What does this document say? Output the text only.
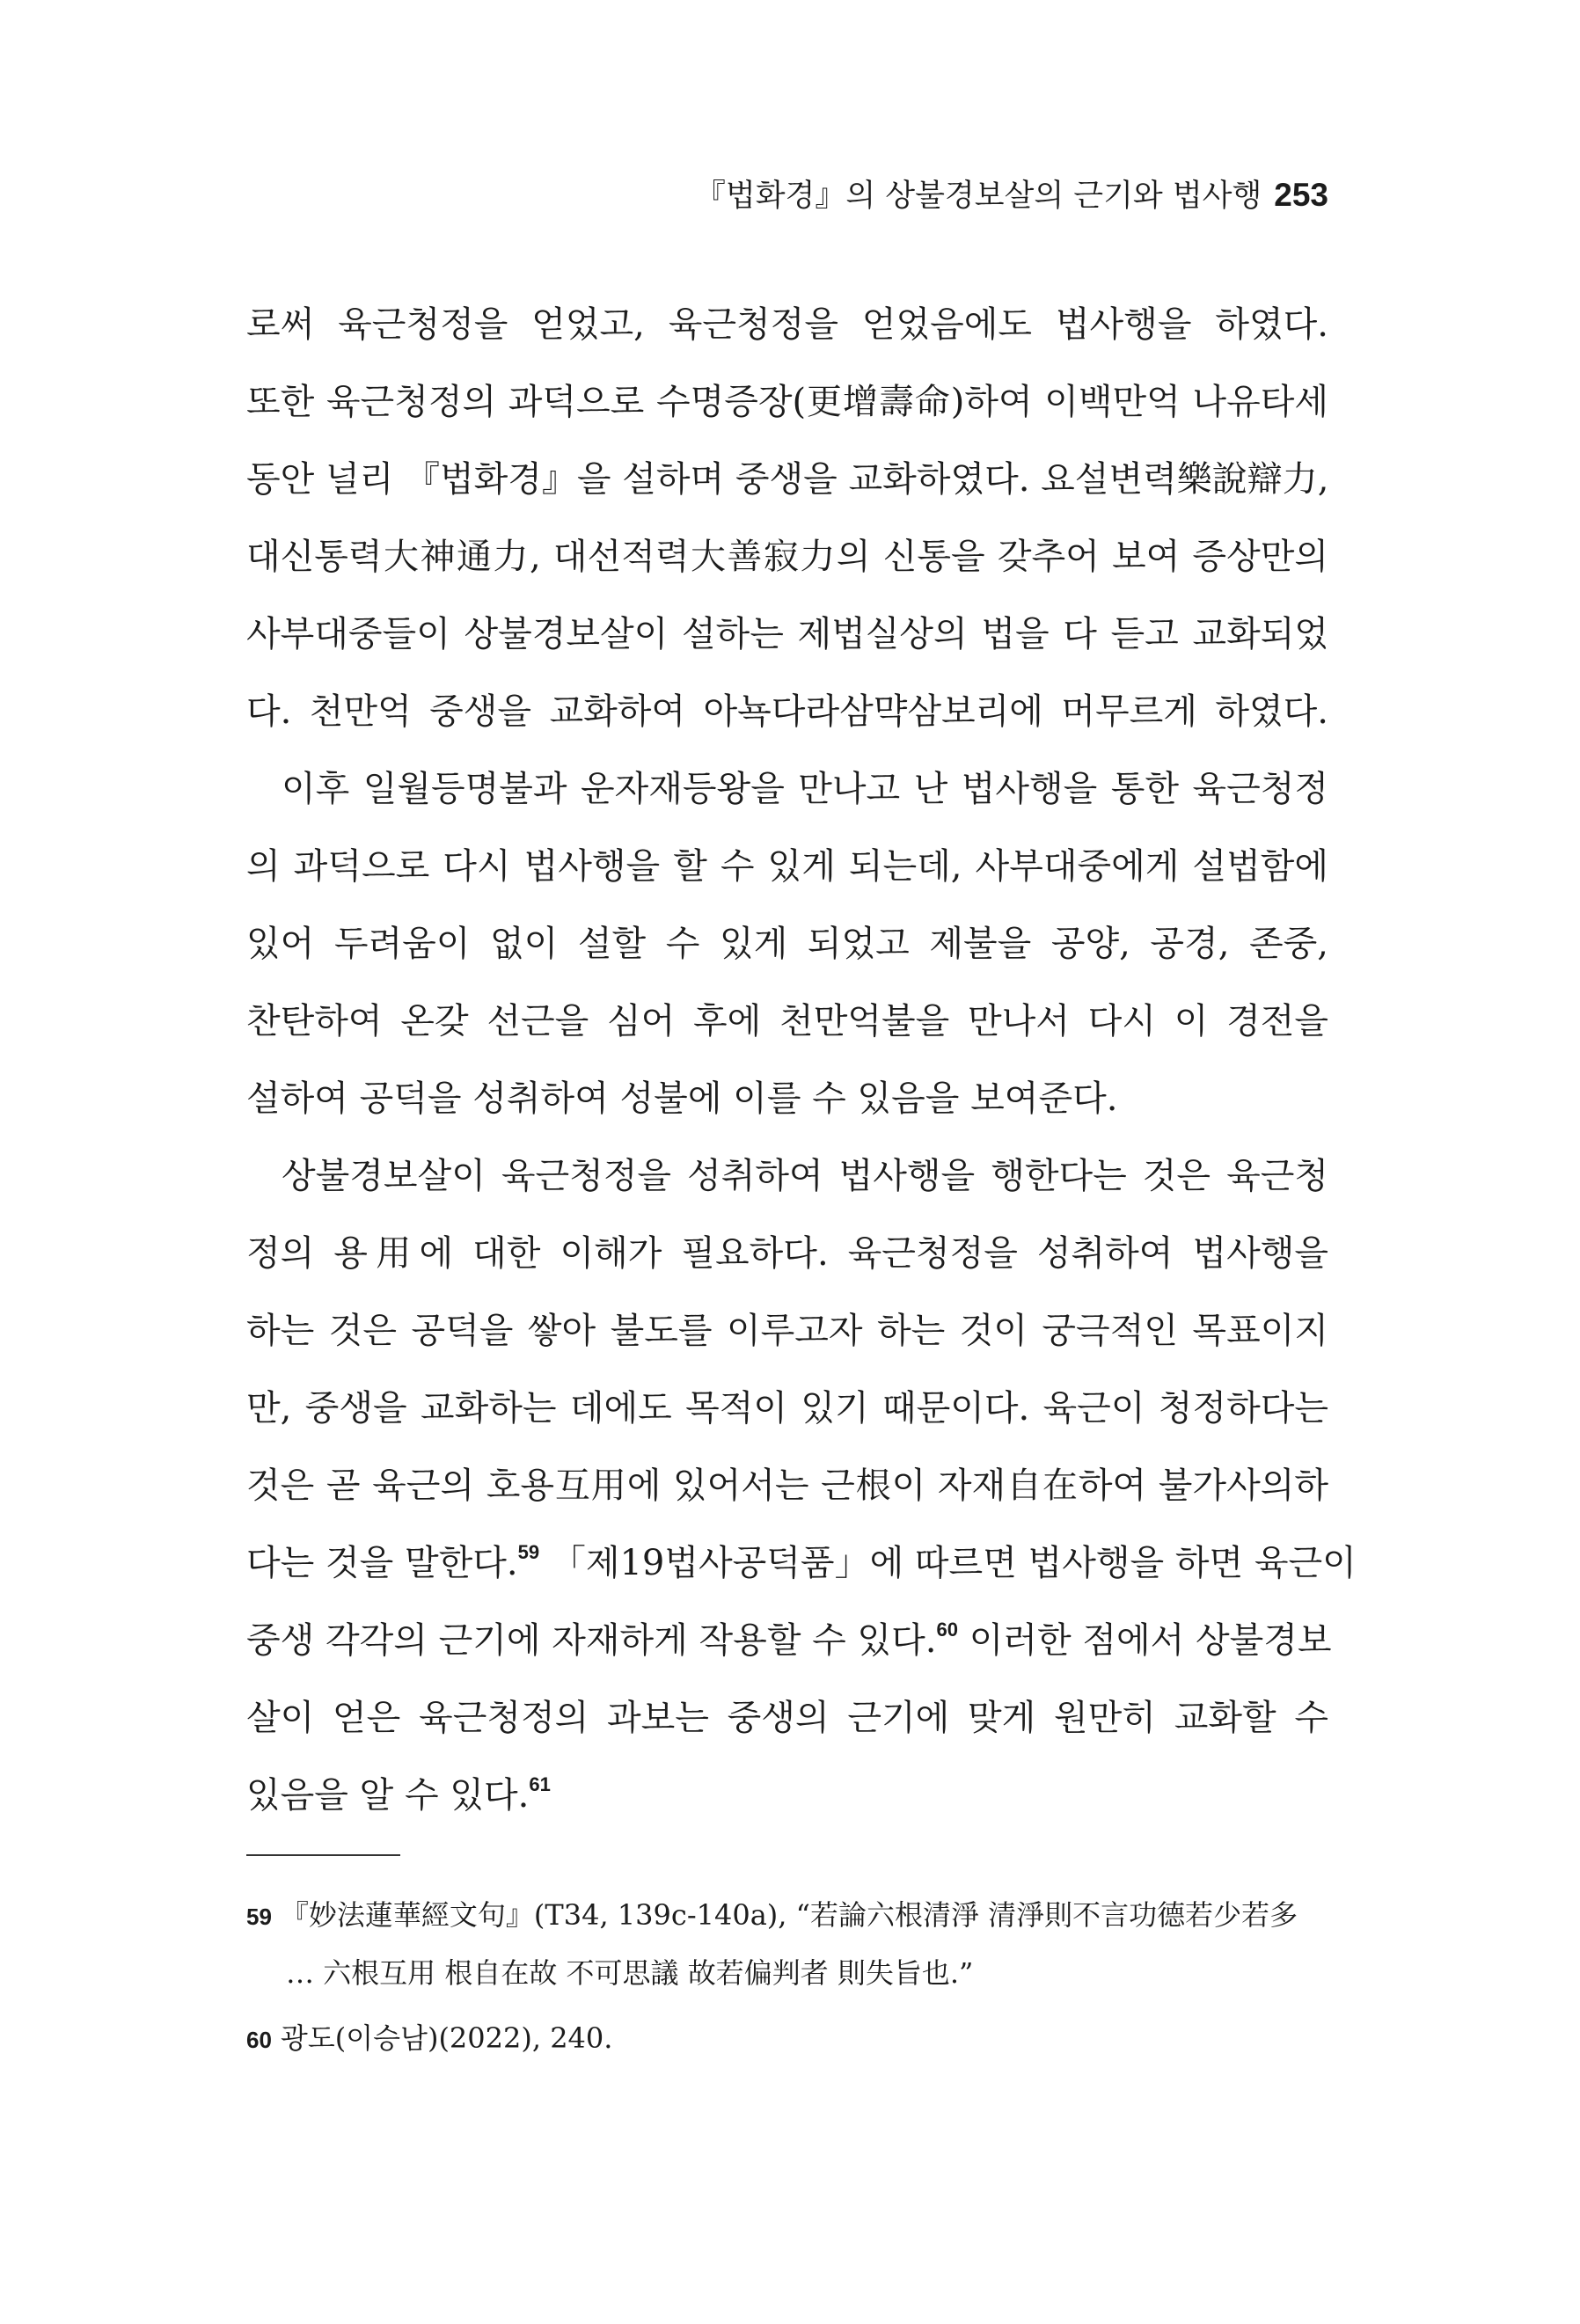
『법화경』의 상불경보살의 근기와 법사행 253

로써 육근청정을 얻었고, 육근청정을 얻었음에도 법사행을 하였다.

또한 육근청정의 과덕으로 수명증장(更增壽命)하여 이백만억 나유타세

동안 널리 『법화경』을 설하며 중생을 교화하였다. 요설변력樂說辯力,

대신통력大神通力, 대선적력大善寂力의 신통을 갖추어 보여 증상만의

사부대중들이 상불경보살이 설하는 제법실상의 법을 다 듣고 교화되었

다. 천만억 중생을 교화하여 아뇩다라삼먁삼보리에 머무르게 하였다.

이후 일월등명불과 운자재등왕을 만나고 난 법사행을 통한 육근청정

의 과덕으로 다시 법사행을 할 수 있게 되는데, 사부대중에게 설법함에

있어 두려움이 없이 설할 수 있게 되었고 제불을 공양, 공경, 존중,

찬탄하여 온갖 선근을 심어 후에 천만억불을 만나서 다시 이 경전을

설하여 공덕을 성취하여 성불에 이를 수 있음을 보여준다.

상불경보살이 육근청정을 성취하여 법사행을 행한다는 것은 육근청

정의 용用에 대한 이해가 필요하다. 육근청정을 성취하여 법사행을

하는 것은 공덕을 쌓아 불도를 이루고자 하는 것이 궁극적인 목표이지

만, 중생을 교화하는 데에도 목적이 있기 때문이다. 육근이 청정하다는

것은 곧 육근의 호용互用에 있어서는 근根이 자재自在하여 불가사의하

다는 것을 말한다.$^{59}$ 「제19법사공덕품」에 따르면 법사행을 하면 육근이

중생 각각의 근기에 자재하게 작용할 수 있다.$^{60}$ 이러한 점에서 상불경보

살이 얻은 육근청정의 과보는 중생의 근기에 맞게 원만히 교화할 수

있음을 알 수 있다.$^{61}$

59 『妙法蓮華經文句』(T34, 139c-140a), “若論六根清淨 清淨則不言功德若少若多
… 六根互用 根自在故 不可思議 故若偏判者 則失旨也.”
60 광도(이승남)(2022), 240.
